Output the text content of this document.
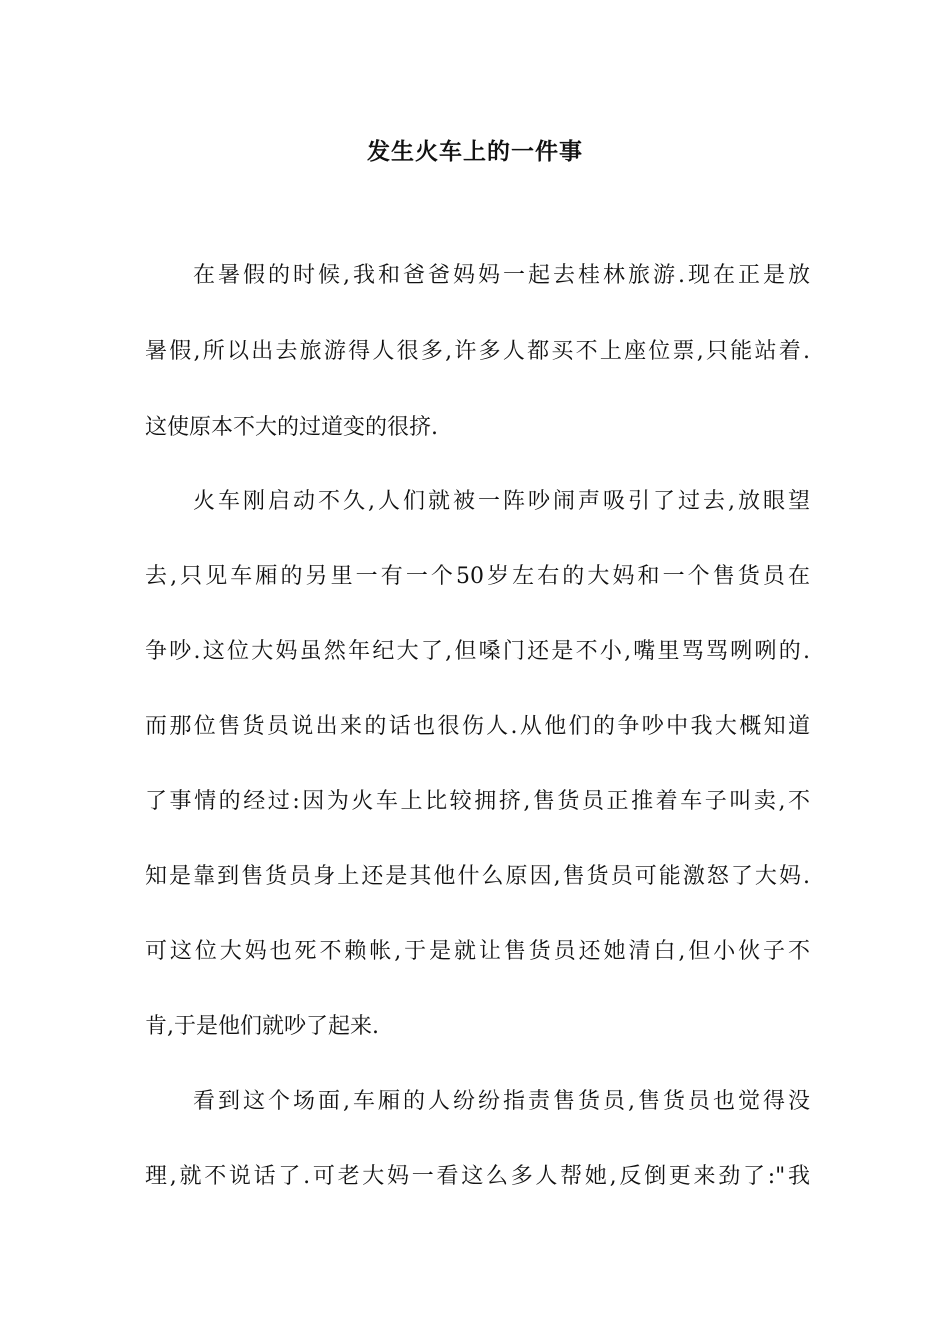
发生火车上的一件事
在暑假的时候,我和爸爸妈妈一起去桂林旅游.现在正是放
暑假,所以出去旅游得人很多,许多人都买不上座位票,只能站着.
这使原本不大的过道变的很挤.
火车刚启动不久,人们就被一阵吵闹声吸引了过去,放眼望
去,只见车厢的另里一有一个50岁左右的大妈和一个售货员在
争吵.这位大妈虽然年纪大了,但嗓门还是不小,嘴里骂骂咧咧的.
而那位售货员说出来的话也很伤人.从他们的争吵中我大概知道
了事情的经过:因为火车上比较拥挤,售货员正推着车子叫卖,不
知是靠到售货员身上还是其他什么原因,售货员可能激怒了大妈.
可这位大妈也死不赖帐,于是就让售货员还她清白,但小伙子不
肯,于是他们就吵了起来.
看到这个场面,车厢的人纷纷指责售货员,售货员也觉得没
理,就不说话了.可老大妈一看这么多人帮她,反倒更来劲了:"我
